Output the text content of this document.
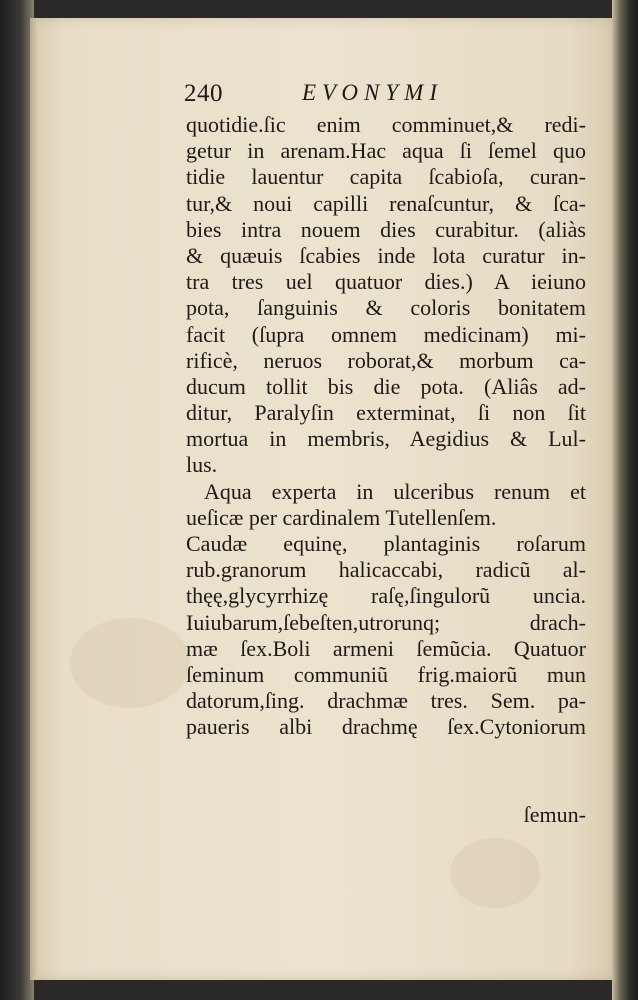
240	EVONYMI
quotidie.ſic enim comminuet,& redi-
getur in arenam.Hac aqua ſi ſemel quo
tidie lauentur capita ſcabioſa, curan-
tur,& noui capilli renaſcuntur, & ſca-
bies intra nouem dies curabitur. (aliàs
& quæuis ſcabies inde lota curatur in-
tra tres uel quatuor dies.) A ieiuno
pota, ſanguinis & coloris bonitatem
facit (ſupra omnem medicinam) mi-
rificè, neruos roborat,& morbum ca-
ducum tollit bis die pota. (Aliâs ad-
ditur, Paralyſin exterminat, ſi non ſit
mortua in membris, Aegidius & Lul-
lus.
Aqua experta in ulceribus renum et
ueſicæ per cardinalem Tutellenſem.
Caudæ equinę, plantaginis roſarum
rub.granorum halicaccabi, radicũ al-
thęę,glycyrrhizę raſę,ſingulorũ uncia.
Iuiubarum,ſebeſten,utrorunq; drach-
mæ ſex.Boli armeni ſemũcia. Quatuor
ſeminum communiũ frig.maiorũ mun
datorum,ſing. drachmæ tres. Sem. pa-
paueris albi drachmę ſex.Cytoniorum
ſemun-
